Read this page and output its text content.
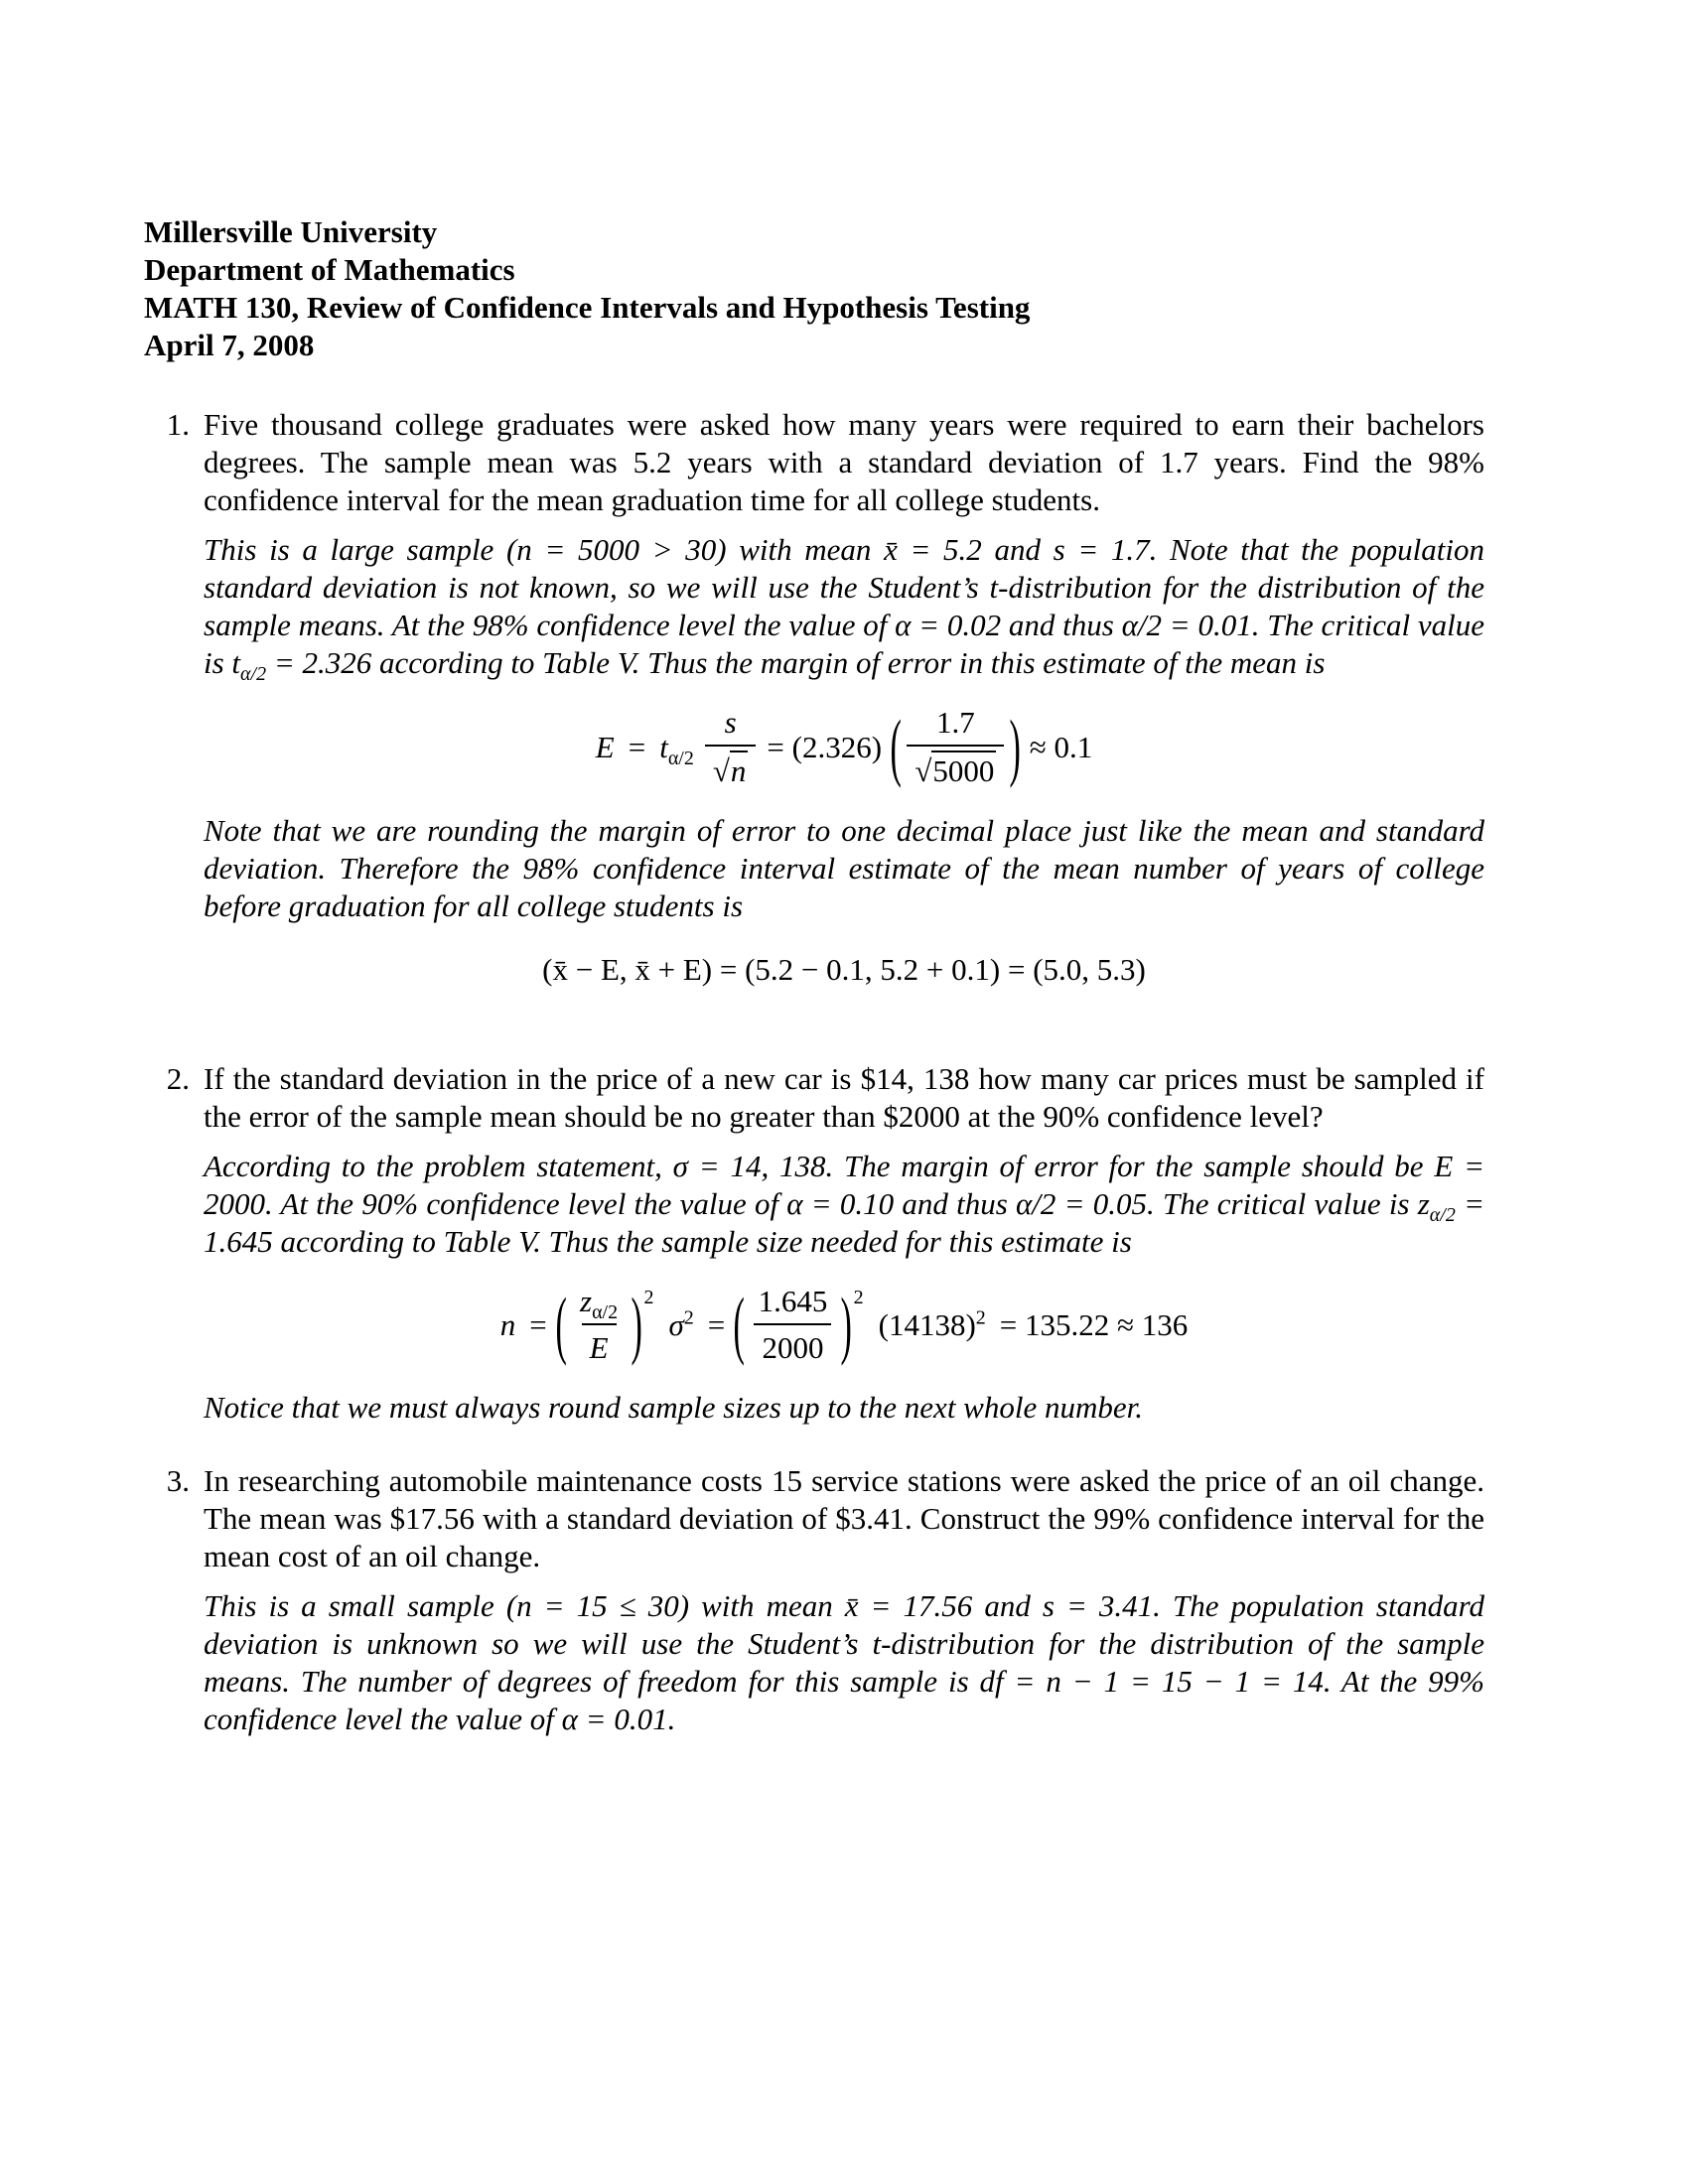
Millersville University
Department of Mathematics
MATH 130, Review of Confidence Intervals and Hypothesis Testing
April 7, 2008
1. Five thousand college graduates were asked how many years were required to earn their bachelors degrees. The sample mean was 5.2 years with a standard deviation of 1.7 years. Find the 98% confidence interval for the mean graduation time for all college students.
This is a large sample (n = 5000 > 30) with mean x̄ = 5.2 and s = 1.7. Note that the population standard deviation is not known, so we will use the Student’s t-distribution for the distribution of the sample means. At the 98% confidence level the value of α = 0.02 and thus α/2 = 0.01. The critical value is $t_{\alpha/2} = 2.326$ according to Table V. Thus the margin of error in this estimate of the mean is
$E = t_{\alpha/2} \frac{s}{√n} = (2.326)$ ( $\frac{1.7}{√5000}$ ) ≈ 0.1
Note that we are rounding the margin of error to one decimal place just like the mean and standard deviation. Therefore the 98% confidence interval estimate of the mean number of years of college before graduation for all college students is
(x̄ − E, x̄ + E) = (5.2 − 0.1, 5.2 + 0.1) = (5.0, 5.3)
2. If the standard deviation in the price of a new car is $14, 138 how many car prices must be sampled if the error of the sample mean should be no greater than $2000 at the 90% confidence level?
According to the problem statement, σ = 14, 138. The margin of error for the sample should be E = 2000. At the 90% confidence level the value of α = 0.10 and thus α/2 = 0.05. The critical value is $z_{\alpha/2} = 1.645$ according to Table V. Thus the sample size needed for this estimate is
n = ( $\frac{z_{\alpha/2}}{E}$ ) 2
$\sigma^2$ = ( $\frac{1.645}{2000}$ ) 2
$(14138)^2 = 135.22 \approx 136$
Notice that we must always round sample sizes up to the next whole number.
3. In researching automobile maintenance costs 15 service stations were asked the price of an oil change. The mean was $17.56 with a standard deviation of $3.41. Construct the 99% confidence interval for the mean cost of an oil change.
This is a small sample (n = 15 ≤ 30) with mean x̄ = 17.56 and s = 3.41. The population standard deviation is unknown so we will use the Student’s t-distribution for the distribution of the sample means. The number of degrees of freedom for this sample is df = n − 1 = 15 − 1 = 14. At the 99% confidence level the value of α = 0.01.
